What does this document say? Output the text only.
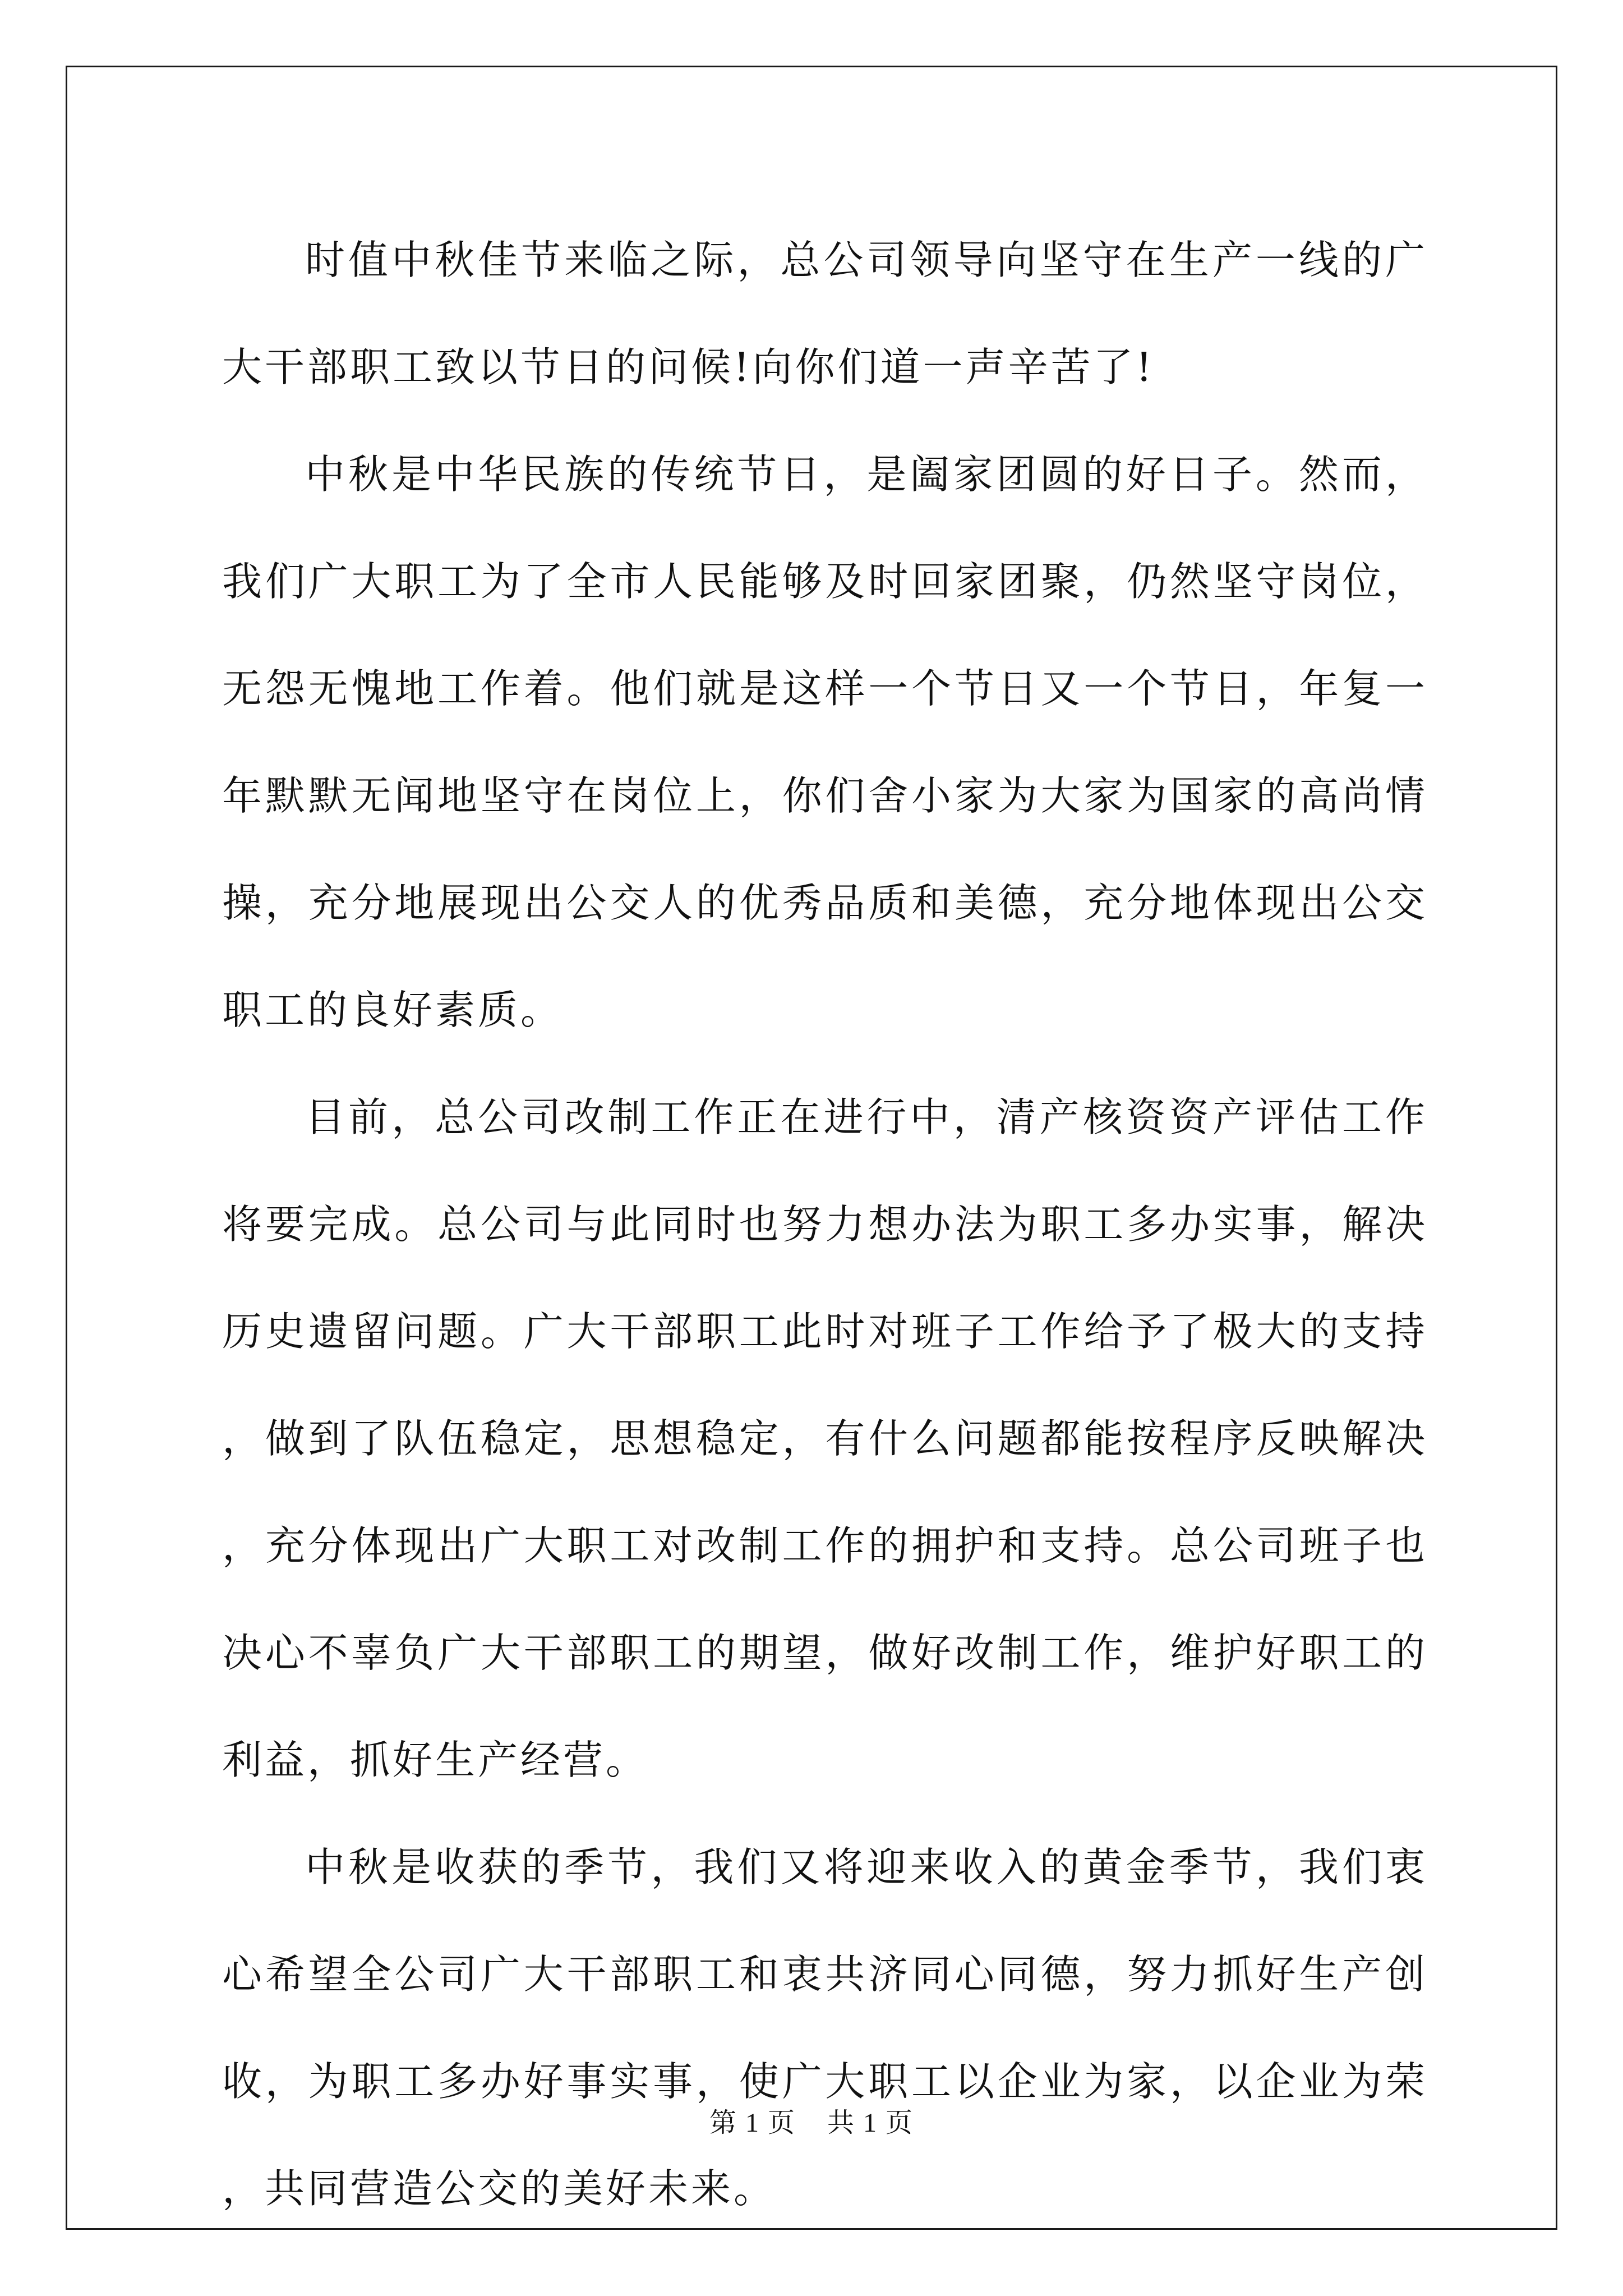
时值中秋佳节来临之际，总公司领导向坚守在生产一线的广大干部职工致以节日的问候!向你们道一声辛苦了!

中秋是中华民族的传统节日，是阖家团圆的好日子。然而，我们广大职工为了全市人民能够及时回家团聚，仍然坚守岗位，无怨无愧地工作着。他们就是这样一个节日又一个节日，年复一年默默无闻地坚守在岗位上，你们舍小家为大家为国家的高尚情操，充分地展现出公交人的优秀品质和美德，充分地体现出公交职工的良好素质。

目前，总公司改制工作正在进行中，清产核资资产评估工作将要完成。总公司与此同时也努力想办法为职工多办实事，解决历史遗留问题。广大干部职工此时对班子工作给予了极大的支持，做到了队伍稳定，思想稳定，有什么问题都能按程序反映解决，充分体现出广大职工对改制工作的拥护和支持。总公司班子也决心不辜负广大干部职工的期望，做好改制工作，维护好职工的利益，抓好生产经营。

中秋是收获的季节，我们又将迎来收入的黄金季节，我们衷心希望全公司广大干部职工和衷共济同心同德，努力抓好生产创收，为职工多办好事实事，使广大职工以企业为家，以企业为荣，共同营造公交的美好未来。

第 1 页 共 1 页
